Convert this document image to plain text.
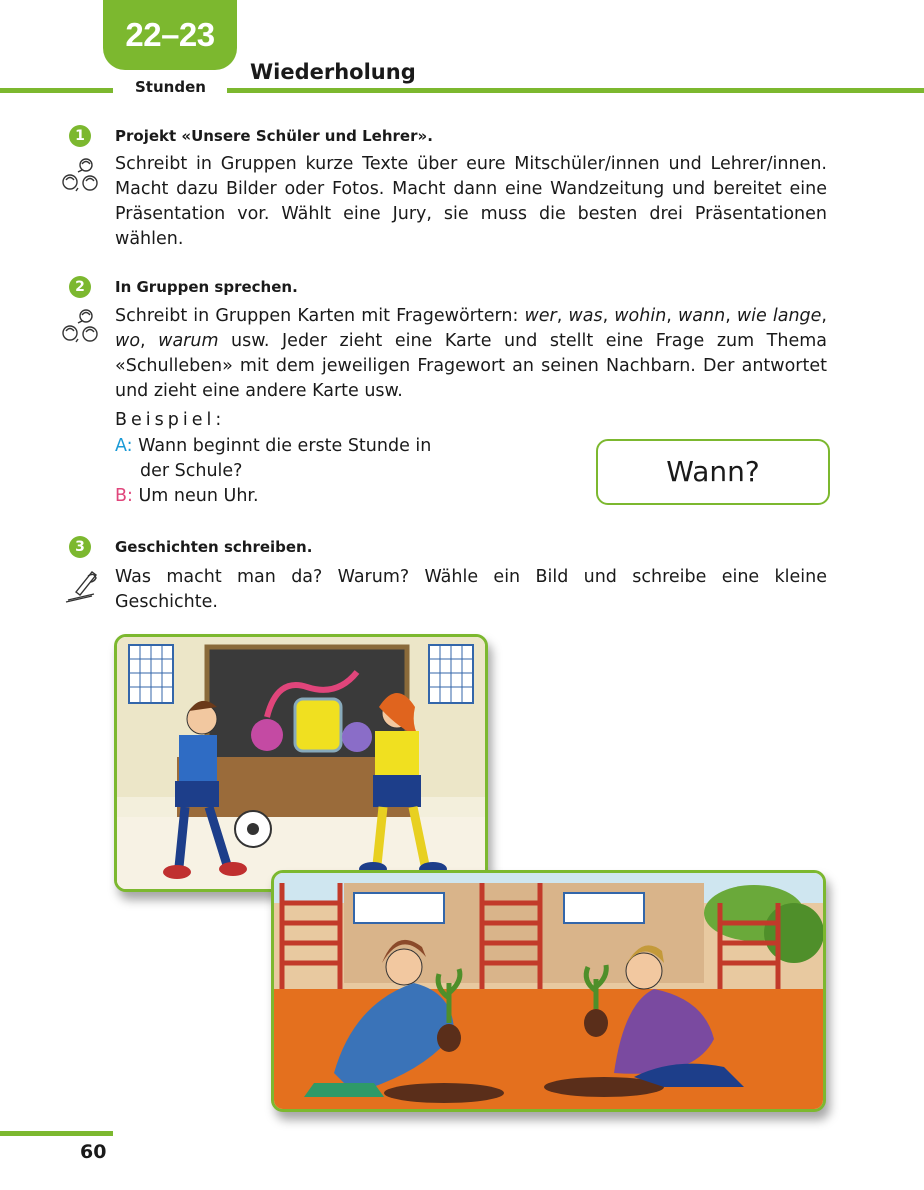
22–23
Stunden
Wiederholung
1	Projekt «Unsere Schüler und Lehrer».
Schreibt in Gruppen kurze Texte über eure Mitschüler/innen und Lehrer/innen. Macht dazu Bilder oder Fotos. Macht dann eine Wandzeitung und bereitet eine Präsentation vor. Wählt eine Jury, sie muss die besten drei Präsentationen wählen.
2	In Gruppen sprechen.
Schreibt in Gruppen Karten mit Fragewörtern: wer, was, wohin, wann, wie lange, wo, warum usw. Jeder zieht eine Karte und stellt eine Frage zum Thema «Schulleben» mit dem jeweiligen Fragewort an seinen Nachbarn. Der antwortet und zieht eine andere Karte usw.
Beispiel:
A: Wann beginnt die erste Stunde in
der Schule?
B: Um neun Uhr.
Wann?
3	Geschichten schreiben.
Was macht man da? Warum? Wähle ein Bild und schreibe eine kleine Geschichte.
60
